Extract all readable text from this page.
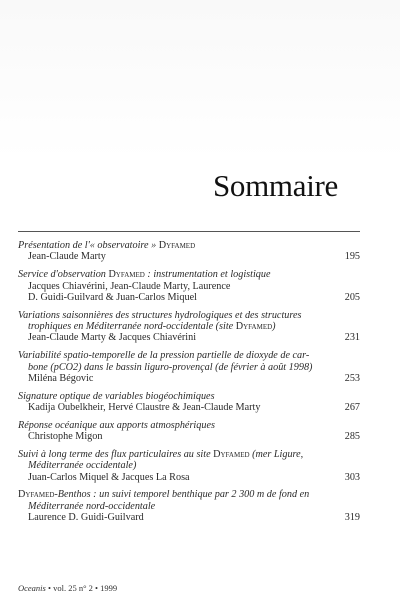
Sommaire
Présentation de l'« observatoire » Dyfamed
Jean-Claude Marty	195
Service d'observation Dyfamed : instrumentation et logistique
Jacques Chiavérini, Jean-Claude Marty, Laurence
D. Guidi-Guilvard & Juan-Carlos Miquel	205
Variations saisonnières des structures hydrologiques et des structures
trophiques en Méditerranée nord-occidentale (site Dyfamed)
Jean-Claude Marty & Jacques Chiavérini	231
Variabilité spatio-temporelle de la pression partielle de dioxyde de car-
bone (pCO2) dans le bassin liguro-provençal (de février à août 1998)
Miléna Bégovic	253
Signature optique de variables biogéochimiques
Kadija Oubelkheir, Hervé Claustre & Jean-Claude Marty	267
Réponse océanique aux apports atmosphériques
Christophe Migon	285
Suivi à long terme des flux particulaires au site Dyfamed (mer Ligure,
Méditerranée occidentale)
Juan-Carlos Miquel & Jacques La Rosa	303
Dyfamed-Benthos : un suivi temporel benthique par 2 300 m de fond en
Méditerranée nord-occidentale
Laurence D. Guidi-Guilvard	319
Oceanis • vol. 25 n° 2 • 1999
